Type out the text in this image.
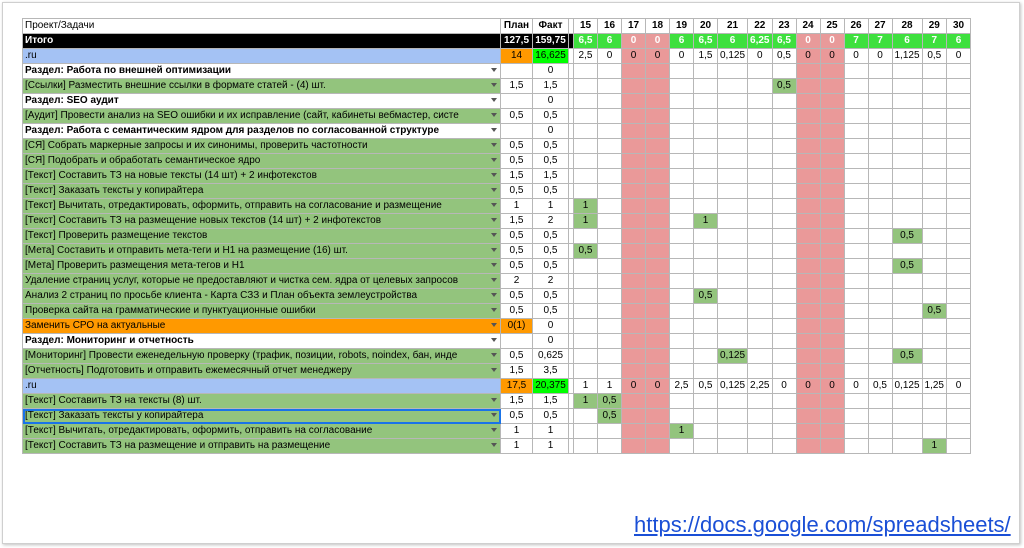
Проект/Задачи	План	Факт		15	16	17	18	19	20	21	22	23	24	25	26	27	28	29	30
Итого	127,5	159,75		6,5	6	0	0	6	6,5	6	6,25	6,5	0	0	7	7	6	7	6
.ru	14	16,625		2,5	0	0	0	0	1,5	0,125	0	0,5	0	0	0	0	1,125	0,5	0
Раздел: Работа по внешней оптимизации		0																	
[Ссылки] Разместить внешние ссылки в формате статей - (4) шт.	1,5	1,5										0,5							
Раздел: SEO аудит		0																	
[Аудит] Провести анализ на SEO ошибки и их исправление (сайт, кабинеты вебмастер, систе	0,5	0,5																	
Раздел: Работа с семантическим ядром для разделов по согласованной структуре		0																	
[СЯ] Собрать маркерные запросы и их синонимы, проверить частотности	0,5	0,5																	
[СЯ] Подобрать и обработать семантическое ядро	0,5	0,5																	
[Текст] Составить ТЗ на новые тексты (14 шт) + 2 инфотекстов	1,5	1,5																	
[Текст] Заказать тексты у копирайтера	0,5	0,5																	
[Текст] Вычитать, отредактировать, оформить, отправить на согласование и размещение	1	1		1															
[Текст] Составить ТЗ на размещение новых текстов (14 шт) + 2 инфотекстов	1,5	2		1					1										
[Текст] Проверить размещение текстов	0,5	0,5															0,5		
[Мета] Составить и отправить мета-теги и Н1 на размещение (16) шт.	0,5	0,5		0,5															
[Мета] Проверить размещения мета-тегов и Н1	0,5	0,5															0,5		
Удаление страниц услуг, которые не предоставляют и чистка сем. ядра от целевых запросов	2	2																	
Анализ 2 страниц по просьбе клиента - Карта СЗЗ и План объекта землеустройства	0,5	0,5							0,5										
Проверка сайта на грамматические и пунктуационные ошибки	0,5	0,5																0,5	
Заменить СРО на актуальные	0(1)	0																	
Раздел: Мониторинг и отчетность		0																	
[Мониторинг] Провести еженедельную проверку (трафик, позиции, robots, noindex, бан, инде	0,5	0,625								0,125							0,5		
[Отчетность] Подготовить и отправить ежемесячный отчет менеджеру	1,5	3,5																	
.ru	17,5	20,375		1	1	0	0	2,5	0,5	0,125	2,25	0	0	0	0	0,5	0,125	1,25	0
[Текст] Составить ТЗ на тексты (8) шт.	1,5	1,5		1	0,5														
[Текст] Заказать тексты у копирайтера	0,5	0,5			0,5														
[Текст] Вычитать, отредактировать, оформить, отправить на согласование	1	1						1											
[Текст] Составить ТЗ на размещение и отправить на размещение	1	1																1	
https://docs.google.com/spreadsheets/
